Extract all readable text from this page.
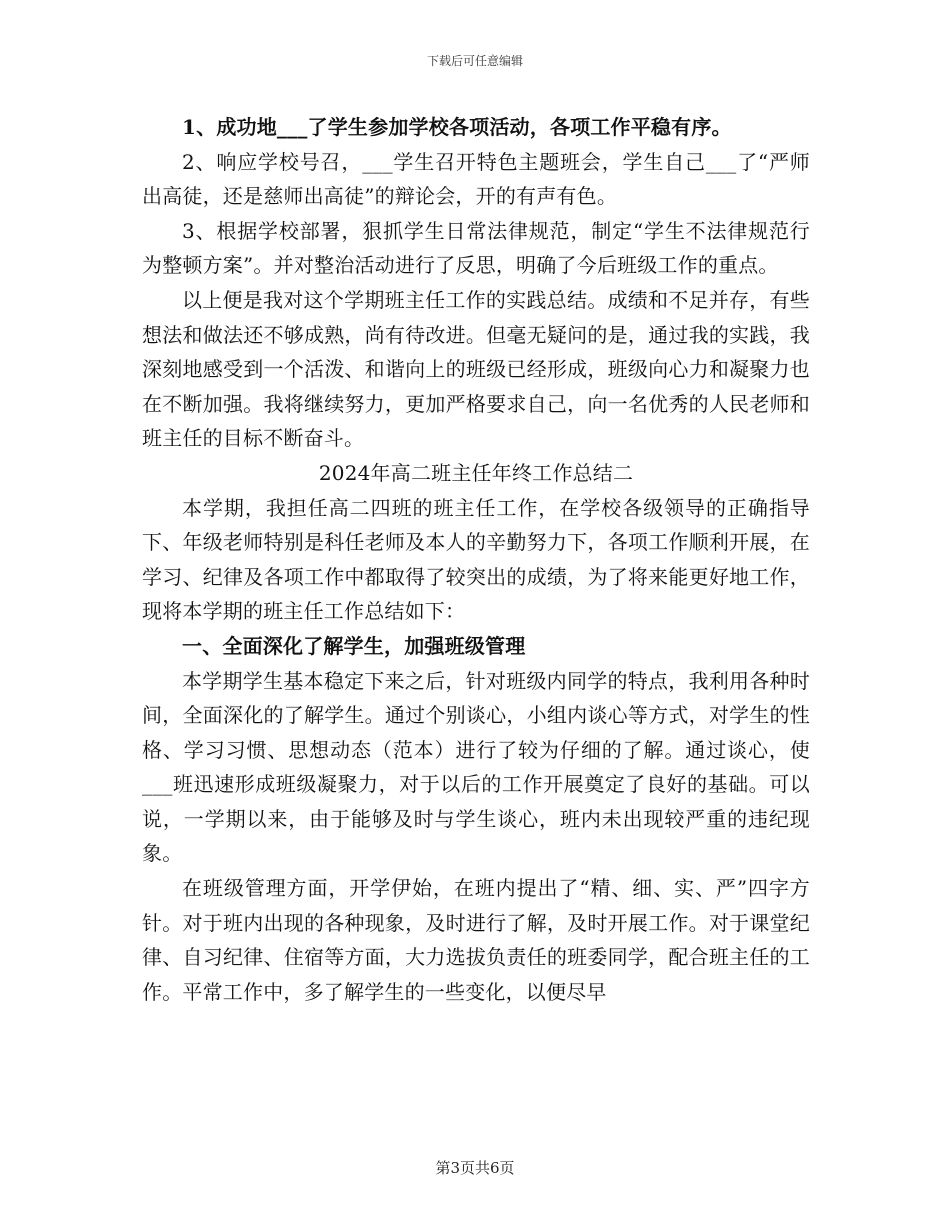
下载后可任意编辑

1、成功地___了学生参加学校各项活动，各项工作平稳有序。

2、响应学校号召，___学生召开特色主题班会，学生自己___了“严师出高徒，还是慈师出高徒”的辩论会，开的有声有色。

3、根据学校部署，狠抓学生日常法律规范，制定“学生不法律规范行为整顿方案”。并对整治活动进行了反思，明确了今后班级工作的重点。

以上便是我对这个学期班主任工作的实践总结。成绩和不足并存，有些想法和做法还不够成熟，尚有待改进。但毫无疑问的是，通过我的实践，我深刻地感受到一个活泼、和谐向上的班级已经形成，班级向心力和凝聚力也在不断加强。我将继续努力，更加严格要求自己，向一名优秀的人民老师和班主任的目标不断奋斗。

2024年高二班主任年终工作总结二

本学期，我担任高二四班的班主任工作，在学校各级领导的正确指导下、年级老师特别是科任老师及本人的辛勤努力下，各项工作顺利开展，在学习、纪律及各项工作中都取得了较突出的成绩，为了将来能更好地工作，现将本学期的班主任工作总结如下：

一、全面深化了解学生，加强班级管理

本学期学生基本稳定下来之后，针对班级内同学的特点，我利用各种时间，全面深化的了解学生。通过个别谈心，小组内谈心等方式，对学生的性格、学习习惯、思想动态（范本）进行了较为仔细的了解。通过谈心，使___班迅速形成班级凝聚力，对于以后的工作开展奠定了良好的基础。可以说，一学期以来，由于能够及时与学生谈心，班内未出现较严重的违纪现象。

在班级管理方面，开学伊始，在班内提出了“精、细、实、严”四字方针。对于班内出现的各种现象，及时进行了解，及时开展工作。对于课堂纪律、自习纪律、住宿等方面，大力选拔负责任的班委同学，配合班主任的工作。平常工作中，多了解学生的一些变化，以便尽早

第3页共6页
